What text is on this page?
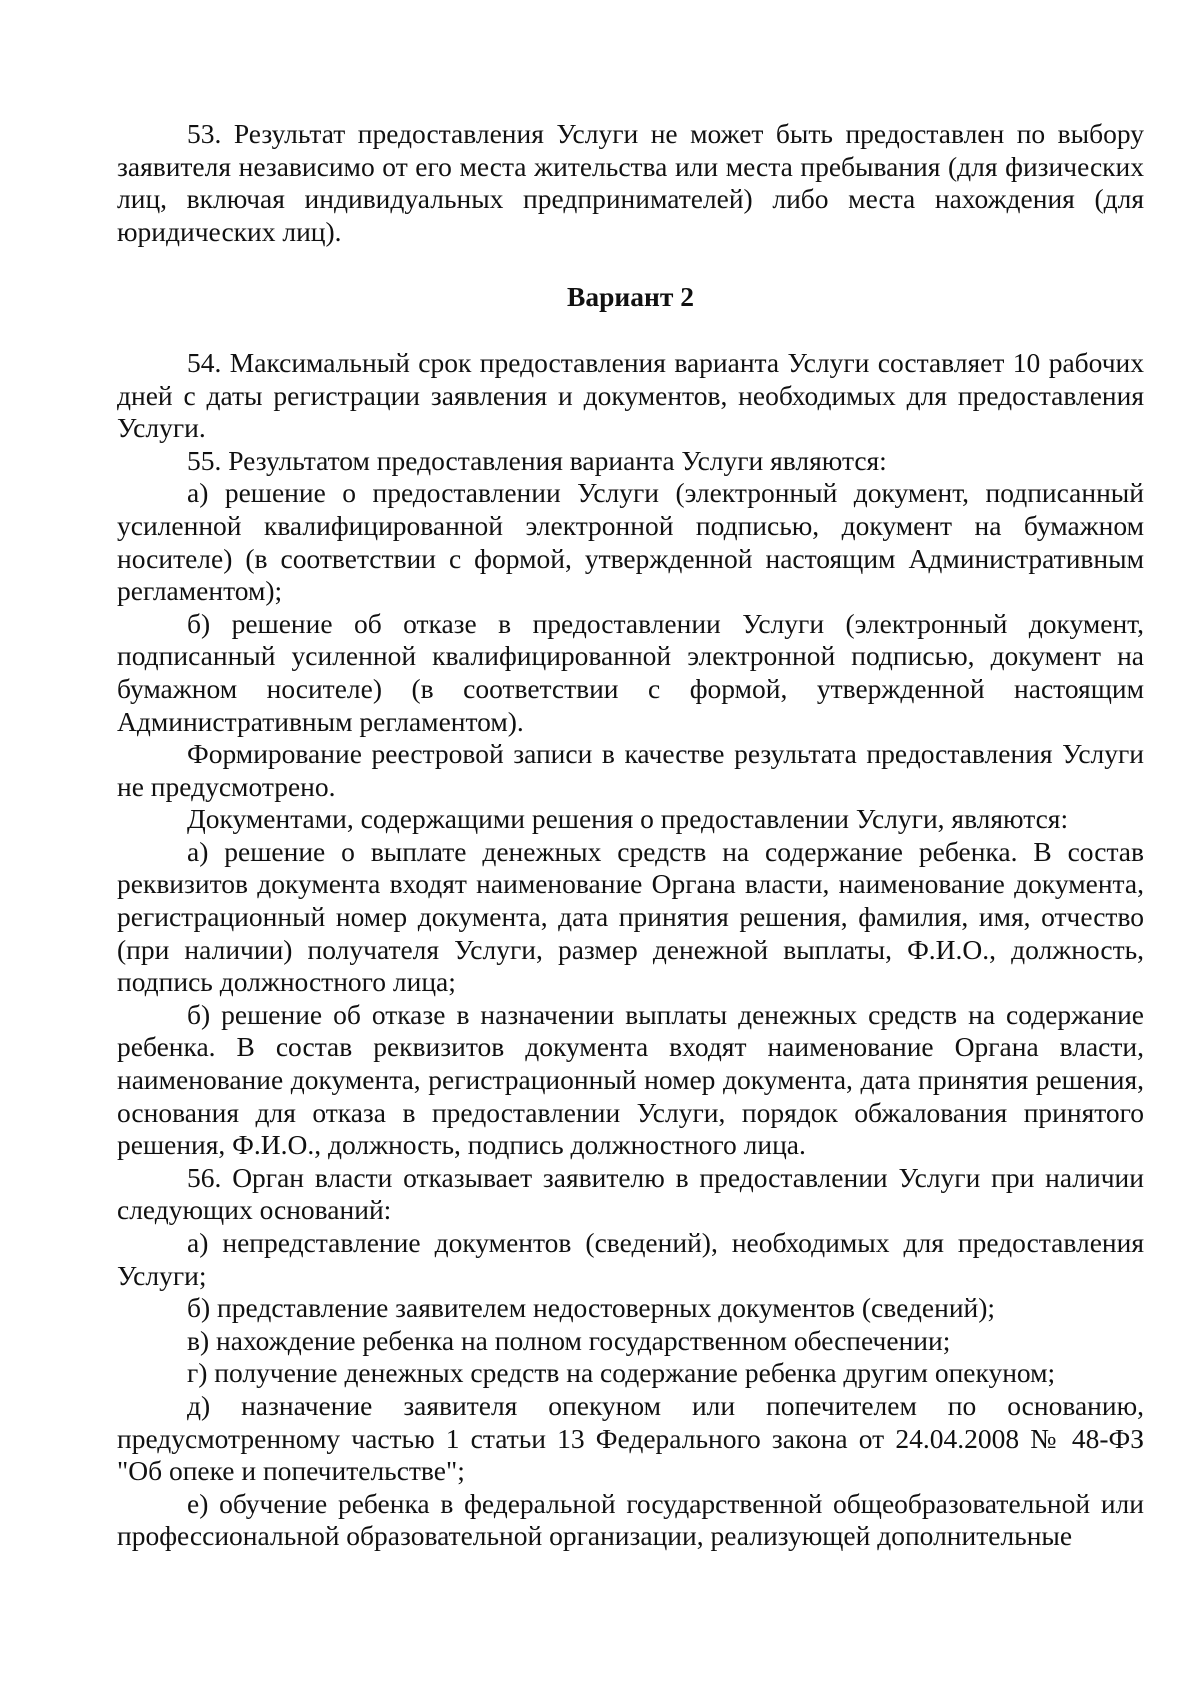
53. Результат предоставления Услуги не может быть предоставлен по выбору заявителя независимо от его места жительства или места пребывания (для физических лиц, включая индивидуальных предпринимателей) либо места нахождения (для юридических лиц).

Вариант 2

54. Максимальный срок предоставления варианта Услуги составляет 10 рабочих дней с даты регистрации заявления и документов, необходимых для предоставления Услуги.

55. Результатом предоставления варианта Услуги являются:

а) решение о предоставлении Услуги (электронный документ, подписанный усиленной квалифицированной электронной подписью, документ на бумажном носителе) (в соответствии с формой, утвержденной настоящим Административным регламентом);

б) решение об отказе в предоставлении Услуги (электронный документ, подписанный усиленной квалифицированной электронной подписью, документ на бумажном носителе) (в соответствии с формой, утвержденной настоящим Административным регламентом).

Формирование реестровой записи в качестве результата предоставления Услуги не предусмотрено.

Документами, содержащими решения о предоставлении Услуги, являются:

а) решение о выплате денежных средств на содержание ребенка. В состав реквизитов документа входят наименование Органа власти, наименование документа, регистрационный номер документа, дата принятия решения, фамилия, имя, отчество (при наличии) получателя Услуги, размер денежной выплаты, Ф.И.О., должность, подпись должностного лица;

б) решение об отказе в назначении выплаты денежных средств на содержание ребенка. В состав реквизитов документа входят наименование Органа власти, наименование документа, регистрационный номер документа, дата принятия решения, основания для отказа в предоставлении Услуги, порядок обжалования принятого решения, Ф.И.О., должность, подпись должностного лица.

56. Орган власти отказывает заявителю в предоставлении Услуги при наличии следующих оснований:

а) непредставление документов (сведений), необходимых для предоставления Услуги;

б) представление заявителем недостоверных документов (сведений);

в) нахождение ребенка на полном государственном обеспечении;

г) получение денежных средств на содержание ребенка другим опекуном;

д) назначение заявителя опекуном или попечителем по основанию, предусмотренному частью 1 статьи 13 Федерального закона от 24.04.2008 № 48-ФЗ "Об опеке и попечительстве";

е) обучение ребенка в федеральной государственной общеобразовательной или профессиональной образовательной организации, реализующей дополнительные
